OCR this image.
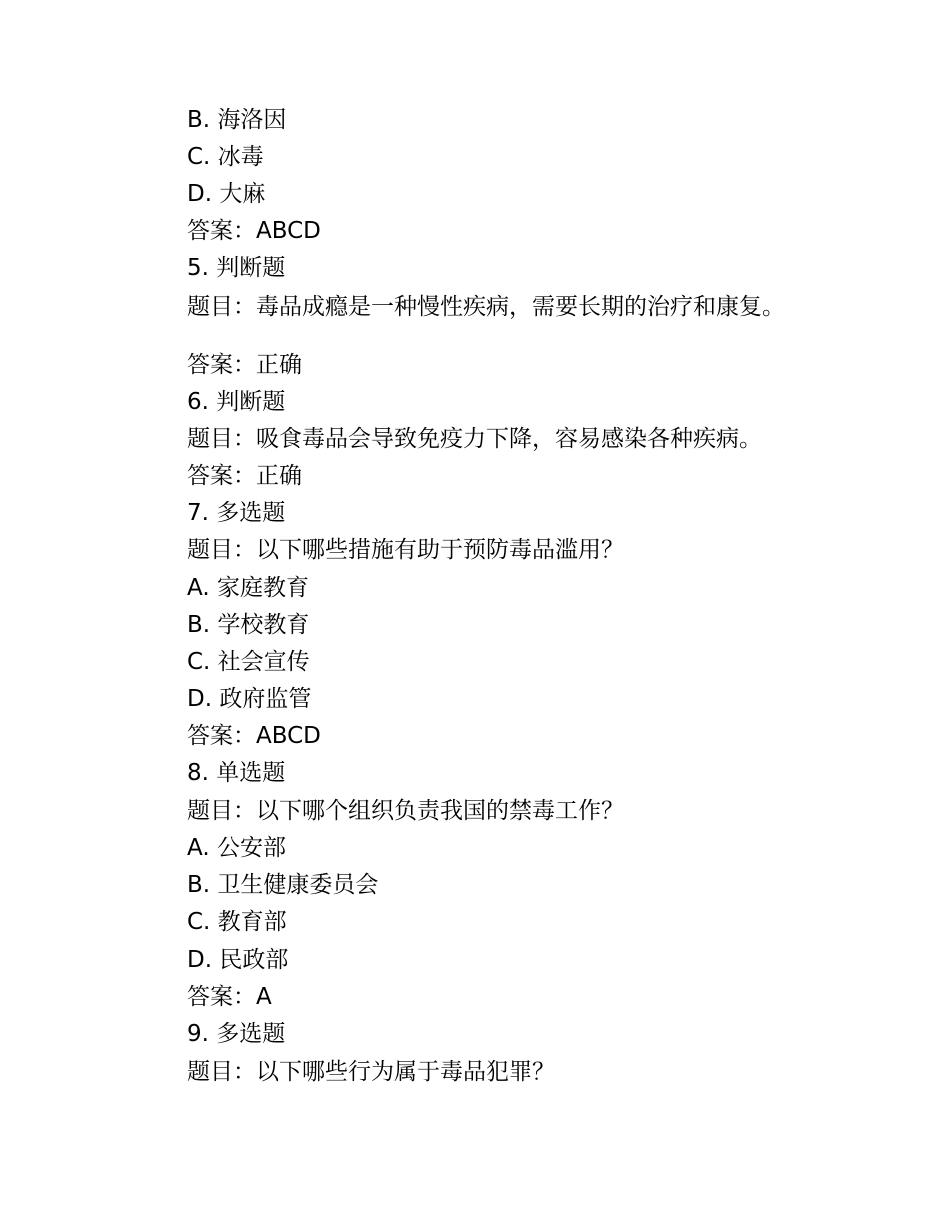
B. 海洛因
C. 冰毒
D. 大麻
答案：ABCD
5. 判断题
题目：毒品成瘾是一种慢性疾病，需要长期的治疗和康复。
答案：正确
6. 判断题
题目：吸食毒品会导致免疫力下降，容易感染各种疾病。
答案：正确
7. 多选题
题目：以下哪些措施有助于预防毒品滥用？
A. 家庭教育
B. 学校教育
C. 社会宣传
D. 政府监管
答案：ABCD
8. 单选题
题目：以下哪个组织负责我国的禁毒工作？
A. 公安部
B. 卫生健康委员会
C. 教育部
D. 民政部
答案：A
9. 多选题
题目：以下哪些行为属于毒品犯罪？
